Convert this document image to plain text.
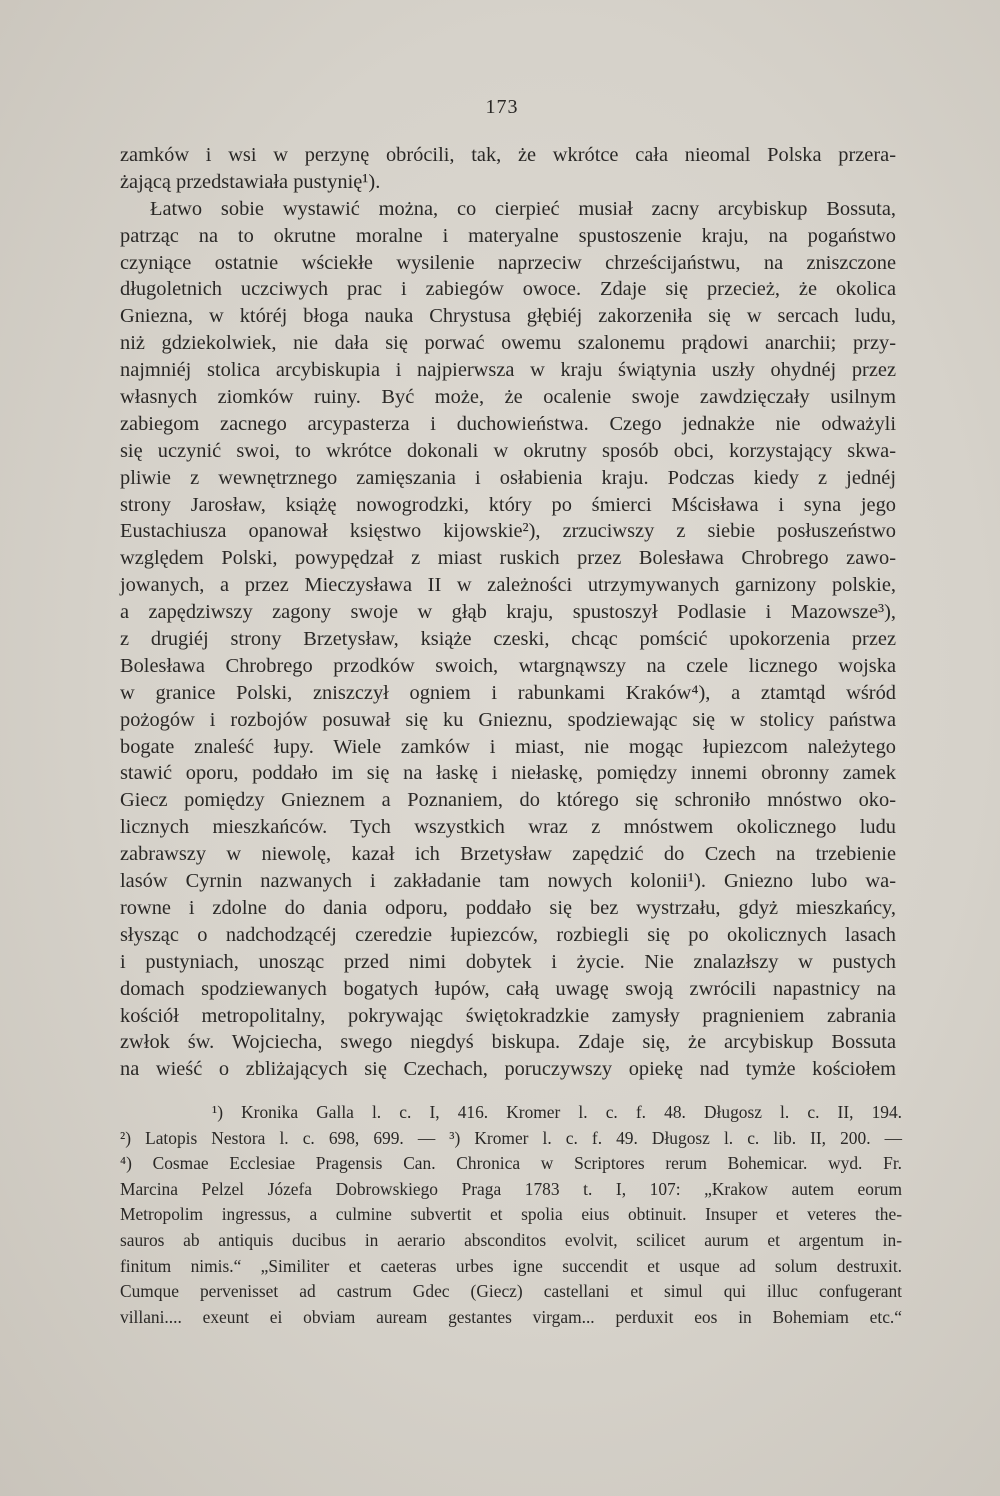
173
zamków i wsi w perzynę obrócili, tak, że wkrótce cała nieomal Polska przera-
żającą przedstawiała pustynię¹).
Łatwo sobie wystawić można, co cierpieć musiał zacny arcybiskup Bossuta,
patrząc na to okrutne moralne i materyalne spustoszenie kraju, na pogaństwo
czyniące ostatnie wściekłe wysilenie naprzeciw chrześcijaństwu, na zniszczone
długoletnich uczciwych prac i zabiegów owoce. Zdaje się przecież, że okolica
Gniezna, w któréj błoga nauka Chrystusa głębiéj zakorzeniła się w sercach ludu,
niż gdziekolwiek, nie dała się porwać owemu szalonemu prądowi anarchii; przy-
najmniéj stolica arcybiskupia i najpierwsza w kraju świątynia uszły ohydnéj przez
własnych ziomków ruiny. Być może, że ocalenie swoje zawdzięczały usilnym
zabiegom zacnego arcypasterza i duchowieństwa. Czego jednakże nie odważyli
się uczynić swoi, to wkrótce dokonali w okrutny sposób obci, korzystający skwa-
pliwie z wewnętrznego zamięszania i osłabienia kraju. Podczas kiedy z jednéj
strony Jarosław, książę nowogrodzki, który po śmierci Mścisława i syna jego
Eustachiusza opanował księstwo kijowskie²), zrzuciwszy z siebie posłuszeństwo
względem Polski, powypędzał z miast ruskich przez Bolesława Chrobrego zawo-
jowanych, a przez Mieczysława II w zależności utrzymywanych garnizony polskie,
a zapędziwszy zagony swoje w głąb kraju, spustoszył Podlasie i Mazowsze³),
z drugiéj strony Brzetysław, książe czeski, chcąc pomścić upokorzenia przez
Bolesława Chrobrego przodków swoich, wtargnąwszy na czele licznego wojska
w granice Polski, zniszczył ogniem i rabunkami Kraków⁴), a ztamtąd wśród
pożogów i rozbojów posuwał się ku Gnieznu, spodziewając się w stolicy państwa
bogate znaleść łupy. Wiele zamków i miast, nie mogąc łupiezcom należytego
stawić oporu, poddało im się na łaskę i niełaskę, pomiędzy innemi obronny zamek
Giecz pomiędzy Gnieznem a Poznaniem, do którego się schroniło mnóstwo oko-
licznych mieszkańców. Tych wszystkich wraz z mnóstwem okolicznego ludu
zabrawszy w niewolę, kazał ich Brzetysław zapędzić do Czech na trzebienie
lasów Cyrnin nazwanych i zakładanie tam nowych kolonii¹). Gniezno lubo wa-
rowne i zdolne do dania odporu, poddało się bez wystrzału, gdyż mieszkańcy,
słysząc o nadchodzącéj czeredzie łupiezców, rozbiegli się po okolicznych lasach
i pustyniach, unosząc przed nimi dobytek i życie. Nie znalazłszy w pustych
domach spodziewanych bogatych łupów, całą uwagę swoją zwrócili napastnicy na
kościół metropolitalny, pokrywając świętokradzkie zamysły pragnieniem zabrania
zwłok św. Wojciecha, swego niegdyś biskupa. Zdaje się, że arcybiskup Bossuta
na wieść o zbliżających się Czechach, poruczywszy opiekę nad tymże kościołem
¹) Kronika Galla l. c. I, 416. Kromer l. c. f. 48. Długosz l. c. II, 194.
²) Latopis Nestora l. c. 698, 699. — ³) Kromer l. c. f. 49. Długosz l. c. lib. II, 200. —
⁴) Cosmae Ecclesiae Pragensis Can. Chronica w Scriptores rerum Bohemicar. wyd. Fr.
Marcina Pelzel Józefa Dobrowskiego Praga 1783 t. I, 107: „Krakow autem eorum
Metropolim ingressus, a culmine subvertit et spolia eius obtinuit. Insuper et veteres the-
sauros ab antiquis ducibus in aerario absconditos evolvit, scilicet aurum et argentum in-
finitum nimis.“ „Similiter et caeteras urbes igne succendit et usque ad solum destruxit.
Cumque pervenisset ad castrum Gdec (Giecz) castellani et simul qui illuc confugerant
villani.... exeunt ei obviam auream gestantes virgam... perduxit eos in Bohemiam etc.“
